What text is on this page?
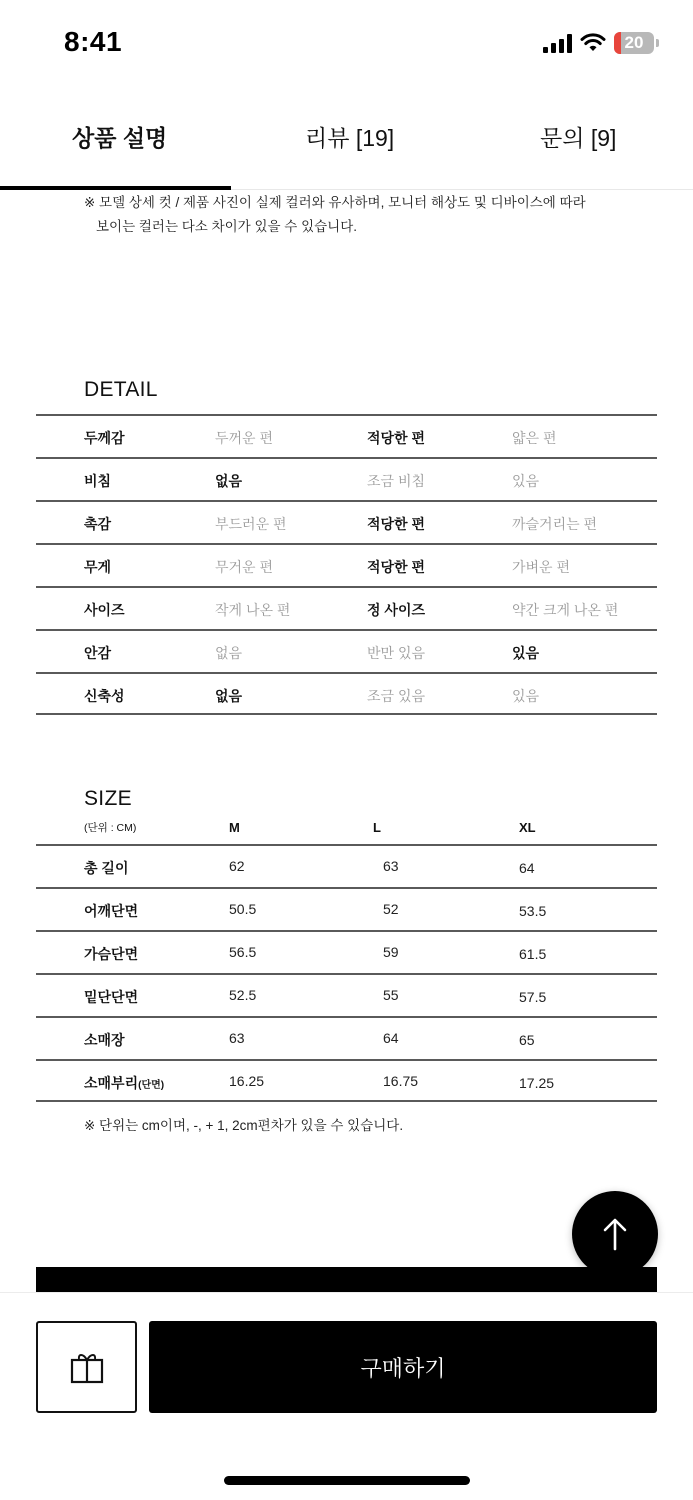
8:41	20
상품 설명	리뷰 [19]	문의 [9]
※ 모델 상세 컷 / 제품 사진이 실제 컬러와 유사하며, 모니터 해상도 및 디바이스에 따라
보이는 컬러는 다소 차이가 있을 수 있습니다.
DETAIL
두께감	두꺼운 편	적당한 편	얇은 편
비침	없음	조금 비침	있음
촉감	부드러운 편	적당한 편	까슬거리는 편
무게	무거운 편	적당한 편	가벼운 편
사이즈	작게 나온 편	정 사이즈	약간 크게 나온 편
안감	없음	반만 있음	있음
신축성	없음	조금 있음	있음
SIZE
(단위 : CM)	M	L	XL
총 길이	62	63	64
어깨단면	50.5	52	53.5
가슴단면	56.5	59	61.5
밑단단면	52.5	55	57.5
소매장	63	64	65
소매부리(단면)	16.25	16.75	17.25
※ 단위는 cm이며, -, + 1, 2cm편차가 있을 수 있습니다.
구매하기
